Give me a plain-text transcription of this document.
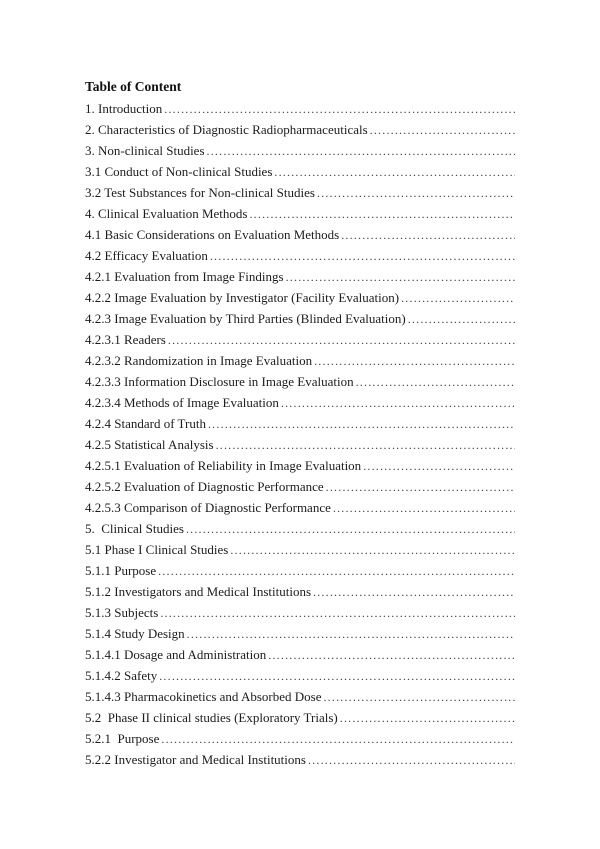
Table of Content
1. Introduction
.....
2. Characteristics of Diagnostic Radiopharmaceuticals
.....
3. Non-clinical Studies
.....
3.1 Conduct of Non-clinical Studies
.....
3.2 Test Substances for Non-clinical Studies
.....
4. Clinical Evaluation Methods
.....
4.1 Basic Considerations on Evaluation Methods
.....
4.2 Efficacy Evaluation
.....
4.2.1 Evaluation from Image Findings
.....
4.2.2 Image Evaluation by Investigator (Facility Evaluation)
.....
4.2.3 Image Evaluation by Third Parties (Blinded Evaluation)
.....
4.2.3.1 Readers
.....
4.2.3.2 Randomization in Image Evaluation
.....
4.2.3.3 Information Disclosure in Image Evaluation
.....
4.2.3.4 Methods of Image Evaluation
.....
4.2.4 Standard of Truth
.....
4.2.5 Statistical Analysis
.....
4.2.5.1 Evaluation of Reliability in Image Evaluation
.....
4.2.5.2 Evaluation of Diagnostic Performance
.....
4.2.5.3 Comparison of Diagnostic Performance
.....
5.  Clinical Studies
.....
5.1 Phase I Clinical Studies
.....
5.1.1 Purpose
.....
5.1.2 Investigators and Medical Institutions
.....
5.1.3 Subjects
.....
5.1.4 Study Design
.....
5.1.4.1 Dosage and Administration
.....
5.1.4.2 Safety
.....
5.1.4.3 Pharmacokinetics and Absorbed Dose
.....
5.2  Phase II clinical studies (Exploratory Trials)
.....
5.2.1  Purpose
.....
5.2.2 Investigator and Medical Institutions
.....
